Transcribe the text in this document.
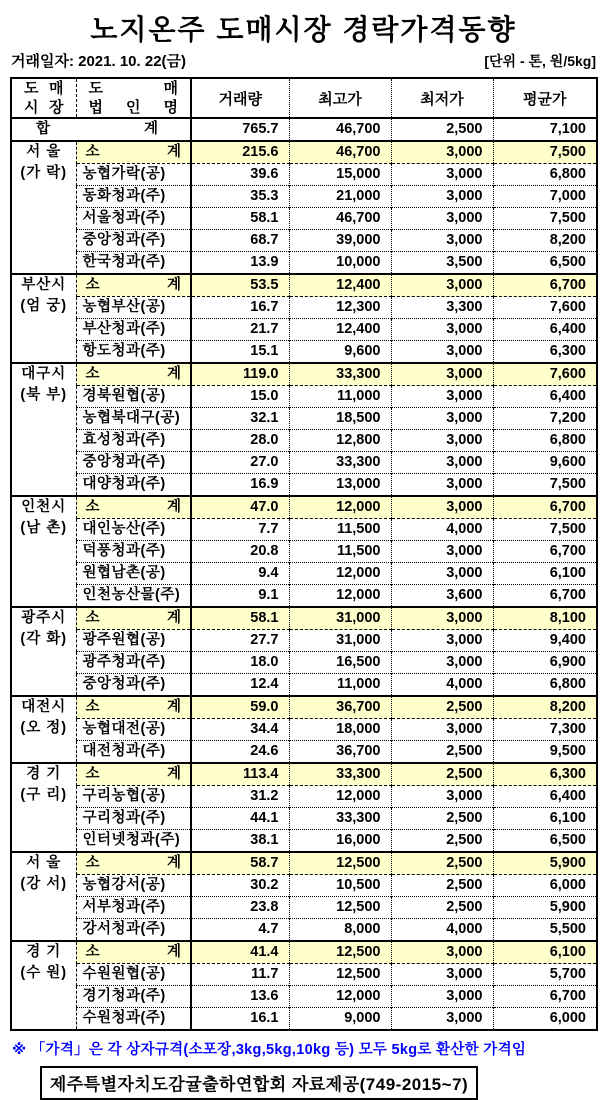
노지온주 도매시장 경락가격동향
거래일자: 2021. 10. 22(금)	[단위 - 톤, 원/5kg]
도 매
시 장

도	매
법 인 명	거래량	최고가	최저가	평균가

합 계		765.7	46,700	2,500	7,100

서 울
(가 락)

소	계	215.6	46,700	3,000	7,500
	농협가락(공)	39.6	15,000	3,000	6,800
	동화청과(주)	35.3	21,000	3,000	7,000
	서울청과(주)	58.1	46,700	3,000	7,500
	중앙청과(주)	68.7	39,000	3,000	8,200
	한국청과(주)	13.9	10,000	3,500	6,500

부산시
(엄 궁)

소	계	53.5	12,400	3,000	6,700
	농협부산(공)	16.7	12,300	3,300	7,600
	부산청과(주)	21.7	12,400	3,000	6,400
	항도청과(주)	15.1	9,600	3,000	6,300

대구시
(북 부)

소	계	119.0	33,300	3,000	7,600
	경북원협(공)	15.0	11,000	3,000	6,400
	농협북대구(공)	32.1	18,500	3,000	7,200
	효성청과(주)	28.0	12,800	3,000	6,800
	중앙청과(주)	27.0	33,300	3,000	9,600
	대양청과(주)	16.9	13,000	3,000	7,500

인천시
(남 촌)

소	계	47.0	12,000	3,000	6,700
	대인농산(주)	7.7	11,500	4,000	7,500
	덕풍청과(주)	20.8	11,500	3,000	6,700
	원협남촌(공)	9.4	12,000	3,000	6,100
	인천농산물(주)	9.1	12,000	3,600	6,700

광주시
(각 화)

소	계	58.1	31,000	3,000	8,100
	광주원협(공)	27.7	31,000	3,000	9,400
	광주청과(주)	18.0	16,500	3,000	6,900
	중앙청과(주)	12.4	11,000	4,000	6,800

대전시
(오 정)

소	계	59.0	36,700	2,500	8,200
	농협대전(공)	34.4	18,000	3,000	7,300
	대전청과(주)	24.6	36,700	2,500	9,500

경 기
(구 리)

소	계	113.4	33,300	2,500	6,300
	구리농협(공)	31.2	12,000	3,000	6,400
	구리청과(주)	44.1	33,300	2,500	6,100
	인터넷청과(주)	38.1	16,000	2,500	6,500

서 울
(강 서)

소	계	58.7	12,500	2,500	5,900
	농협강서(공)	30.2	10,500	2,500	6,000
	서부청과(주)	23.8	12,500	2,500	5,900
	강서청과(주)	4.7	8,000	4,000	5,500

경 기
(수 원)

소	계	41.4	12,500	3,000	6,100
	수원원협(공)	11.7	12,500	3,000	5,700
	경기청과(주)	13.6	12,000	3,000	6,700
	수원청과(주)	16.1	9,000	3,000	6,000
※ 「가격」은 각 상자규격(소포장,3kg,5kg,10kg 등) 모두 5kg로 환산한 가격임
제주특별자치도감귤출하연합회 자료제공(749-2015~7)
